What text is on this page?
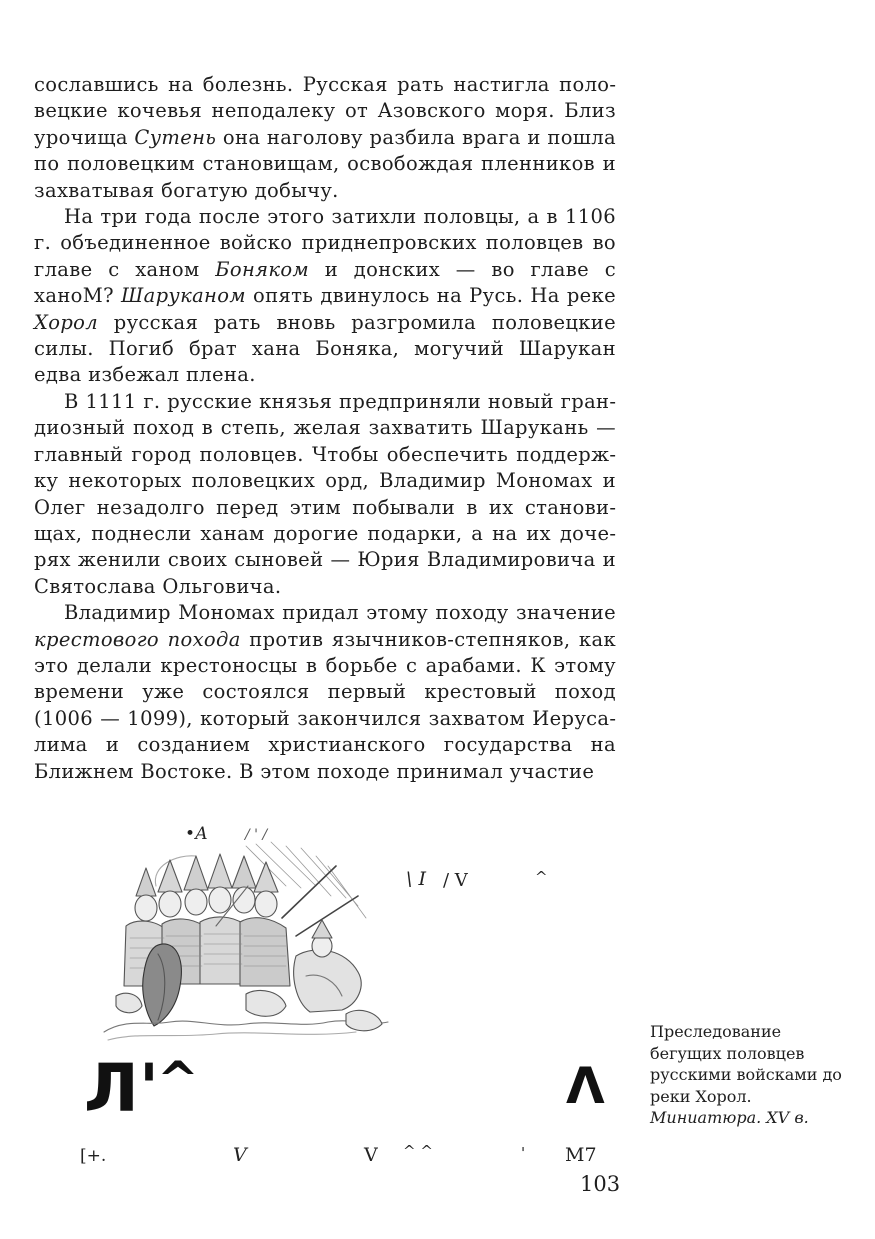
сославшись на болезнь. Русская рать настигла половецкие кочевья неподалеку от Азовского моря. Близ урочища Сутень она наголову разбила врага и пошла по половецким становищам, освобождая пленников и захватывая богатую добычу.

На три года после этого затихли половцы, а в 1106 г. объединенное войско приднепровских половцев во главе с ханом Боняком и донских — во главе с ханоМ? Шаруканом опять двинулось на Русь. На реке Хорол русская рать вновь разгромила половецкие силы. Погиб брат хана Боняка, могучий Шарукан едва избежал плена.

В 1111 г. русские князья предприняли новый грандиозный поход в степь, желая захватить Шарукань — главный город половцев. Чтобы обеспечить поддержку некоторых половецких орд, Владимир Мономах и Олег незадолго перед этим побывали в их становищах, поднесли ханам дорогие подарки, а на их дочерях женили своих сыновей — Юрия Владимировича и Святослава Ольговича.

Владимир Мономах придал этому походу значение крестового похода против язычников-степняков, как это делали крестоносцы в борьбе с арабами. К этому времени уже состоялся первый крестовый поход (1006 — 1099), который закончился захватом Иерусалима и созданием христианского государства на Ближнем Востоке. В этом походе принимал участие

•А	/ ' /
\ I / V	^
Л'
^	Λ
[+.	V	V ^ ^	' М7
Преследование
бегущих половцев
русскими войсками до
реки Хорол.
Миниатюра. XV в.
103
